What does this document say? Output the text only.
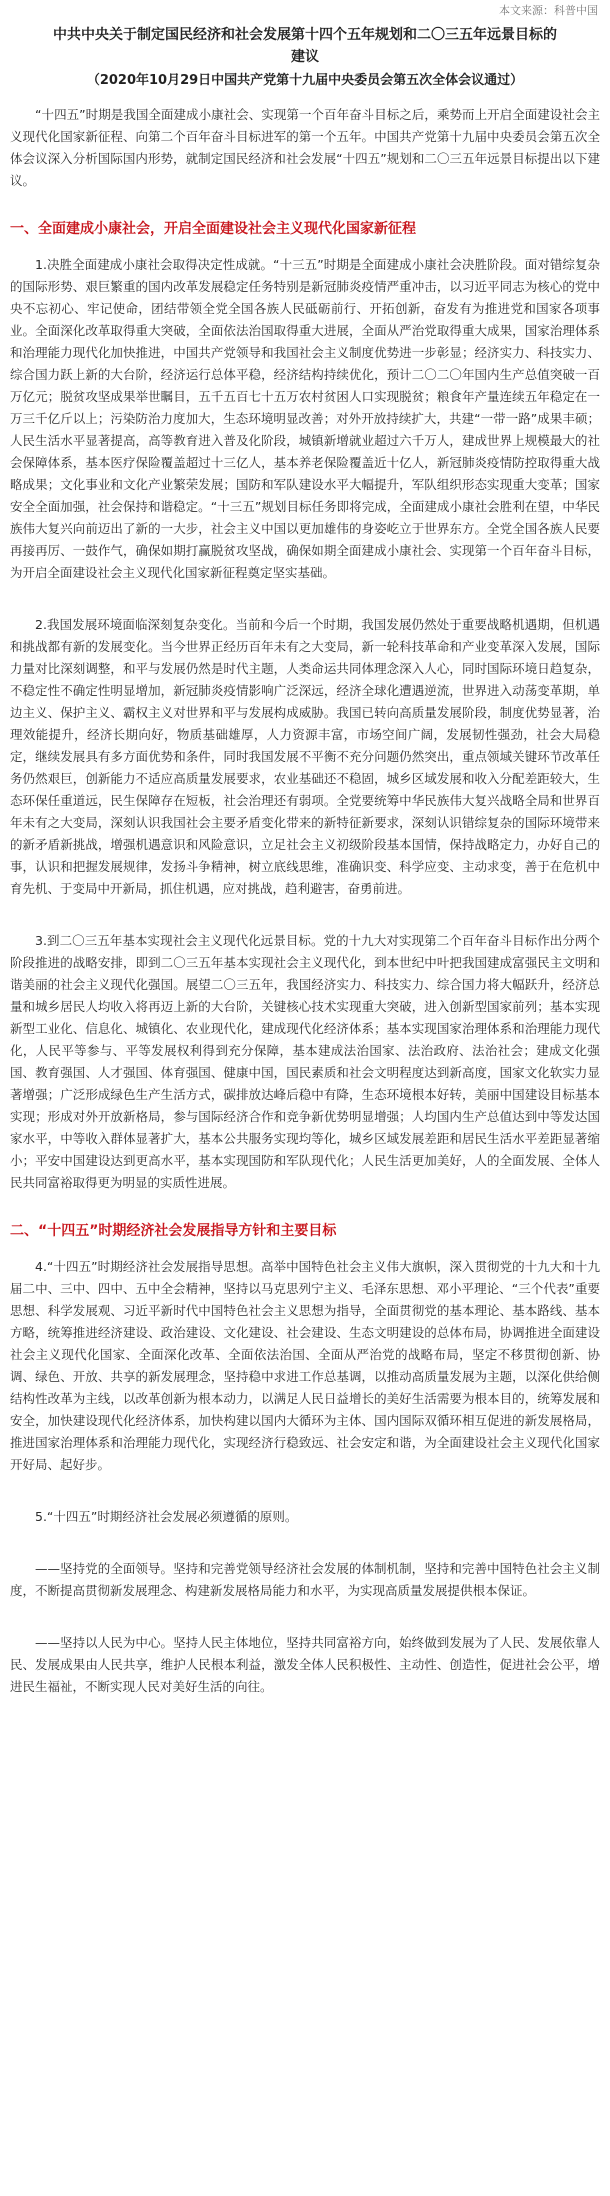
本文来源：科普中国

中共中央关于制定国民经济和社会发展第十四个五年规划和二〇三五年远景目标的

建议

（2020年10月29日中国共产党第十九届中央委员会第五次全体会议通过）

“十四五”时期是我国全面建成小康社会、实现第一个百年奋斗目标之后，乘势而上开启全面建设社会主义现代化国家新征程、向第二个百年奋斗目标进军的第一个五年。中国共产党第十九届中央委员会第五次全体会议深入分析国际国内形势，就制定国民经济和社会发展“十四五”规划和二〇三五年远景目标提出以下建议。

一、全面建成小康社会，开启全面建设社会主义现代化国家新征程

1.决胜全面建成小康社会取得决定性成就。“十三五”时期是全面建成小康社会决胜阶段。面对错综复杂的国际形势、艰巨繁重的国内改革发展稳定任务特别是新冠肺炎疫情严重冲击，以习近平同志为核心的党中央不忘初心、牢记使命，团结带领全党全国各族人民砥砺前行、开拓创新，奋发有为推进党和国家各项事业。全面深化改革取得重大突破，全面依法治国取得重大进展，全面从严治党取得重大成果，国家治理体系和治理能力现代化加快推进，中国共产党领导和我国社会主义制度优势进一步彰显；经济实力、科技实力、综合国力跃上新的大台阶，经济运行总体平稳，经济结构持续优化，预计二〇二〇年国内生产总值突破一百万亿元；脱贫攻坚成果举世瞩目，五千五百七十五万农村贫困人口实现脱贫；粮食年产量连续五年稳定在一万三千亿斤以上；污染防治力度加大，生态环境明显改善；对外开放持续扩大，共建“一带一路”成果丰硕；人民生活水平显著提高，高等教育进入普及化阶段，城镇新增就业超过六千万人，建成世界上规模最大的社会保障体系，基本医疗保险覆盖超过十三亿人，基本养老保险覆盖近十亿人，新冠肺炎疫情防控取得重大战略成果；文化事业和文化产业繁荣发展；国防和军队建设水平大幅提升，军队组织形态实现重大变革；国家安全全面加强，社会保持和谐稳定。“十三五”规划目标任务即将完成，全面建成小康社会胜利在望，中华民族伟大复兴向前迈出了新的一大步，社会主义中国以更加雄伟的身姿屹立于世界东方。全党全国各族人民要再接再厉、一鼓作气，确保如期打赢脱贫攻坚战，确保如期全面建成小康社会、实现第一个百年奋斗目标，为开启全面建设社会主义现代化国家新征程奠定坚实基础。

2.我国发展环境面临深刻复杂变化。当前和今后一个时期，我国发展仍然处于重要战略机遇期，但机遇和挑战都有新的发展变化。当今世界正经历百年未有之大变局，新一轮科技革命和产业变革深入发展，国际力量对比深刻调整，和平与发展仍然是时代主题，人类命运共同体理念深入人心，同时国际环境日趋复杂，不稳定性不确定性明显增加，新冠肺炎疫情影响广泛深远，经济全球化遭遇逆流，世界进入动荡变革期，单边主义、保护主义、霸权主义对世界和平与发展构成威胁。我国已转向高质量发展阶段，制度优势显著，治理效能提升，经济长期向好，物质基础雄厚，人力资源丰富，市场空间广阔，发展韧性强劲，社会大局稳定，继续发展具有多方面优势和条件，同时我国发展不平衡不充分问题仍然突出，重点领域关键环节改革任务仍然艰巨，创新能力不适应高质量发展要求，农业基础还不稳固，城乡区域发展和收入分配差距较大，生态环保任重道远，民生保障存在短板，社会治理还有弱项。全党要统筹中华民族伟大复兴战略全局和世界百年未有之大变局，深刻认识我国社会主要矛盾变化带来的新特征新要求，深刻认识错综复杂的国际环境带来的新矛盾新挑战，增强机遇意识和风险意识，立足社会主义初级阶段基本国情，保持战略定力，办好自己的事，认识和把握发展规律，发扬斗争精神，树立底线思维，准确识变、科学应变、主动求变，善于在危机中育先机、于变局中开新局，抓住机遇，应对挑战，趋利避害，奋勇前进。

3.到二〇三五年基本实现社会主义现代化远景目标。党的十九大对实现第二个百年奋斗目标作出分两个阶段推进的战略安排，即到二〇三五年基本实现社会主义现代化，到本世纪中叶把我国建成富强民主文明和谐美丽的社会主义现代化强国。展望二〇三五年，我国经济实力、科技实力、综合国力将大幅跃升，经济总量和城乡居民人均收入将再迈上新的大台阶，关键核心技术实现重大突破，进入创新型国家前列；基本实现新型工业化、信息化、城镇化、农业现代化，建成现代化经济体系；基本实现国家治理体系和治理能力现代化，人民平等参与、平等发展权利得到充分保障，基本建成法治国家、法治政府、法治社会；建成文化强国、教育强国、人才强国、体育强国、健康中国，国民素质和社会文明程度达到新高度，国家文化软实力显著增强；广泛形成绿色生产生活方式，碳排放达峰后稳中有降，生态环境根本好转，美丽中国建设目标基本实现；形成对外开放新格局，参与国际经济合作和竞争新优势明显增强；人均国内生产总值达到中等发达国家水平，中等收入群体显著扩大，基本公共服务实现均等化，城乡区域发展差距和居民生活水平差距显著缩小；平安中国建设达到更高水平，基本实现国防和军队现代化；人民生活更加美好，人的全面发展、全体人民共同富裕取得更为明显的实质性进展。

二、“十四五”时期经济社会发展指导方针和主要目标

4.“十四五”时期经济社会发展指导思想。高举中国特色社会主义伟大旗帜，深入贯彻党的十九大和十九届二中、三中、四中、五中全会精神，坚持以马克思列宁主义、毛泽东思想、邓小平理论、“三个代表”重要思想、科学发展观、习近平新时代中国特色社会主义思想为指导，全面贯彻党的基本理论、基本路线、基本方略，统筹推进经济建设、政治建设、文化建设、社会建设、生态文明建设的总体布局，协调推进全面建设社会主义现代化国家、全面深化改革、全面依法治国、全面从严治党的战略布局，坚定不移贯彻创新、协调、绿色、开放、共享的新发展理念，坚持稳中求进工作总基调，以推动高质量发展为主题，以深化供给侧结构性改革为主线，以改革创新为根本动力，以满足人民日益增长的美好生活需要为根本目的，统筹发展和安全，加快建设现代化经济体系，加快构建以国内大循环为主体、国内国际双循环相互促进的新发展格局，推进国家治理体系和治理能力现代化，实现经济行稳致远、社会安定和谐，为全面建设社会主义现代化国家开好局、起好步。

5.“十四五”时期经济社会发展必须遵循的原则。

——坚持党的全面领导。坚持和完善党领导经济社会发展的体制机制，坚持和完善中国特色社会主义制度，不断提高贯彻新发展理念、构建新发展格局能力和水平，为实现高质量发展提供根本保证。

——坚持以人民为中心。坚持人民主体地位，坚持共同富裕方向，始终做到发展为了人民、发展依靠人民、发展成果由人民共享，维护人民根本利益，激发全体人民积极性、主动性、创造性，促进社会公平，增进民生福祉，不断实现人民对美好生活的向往。
